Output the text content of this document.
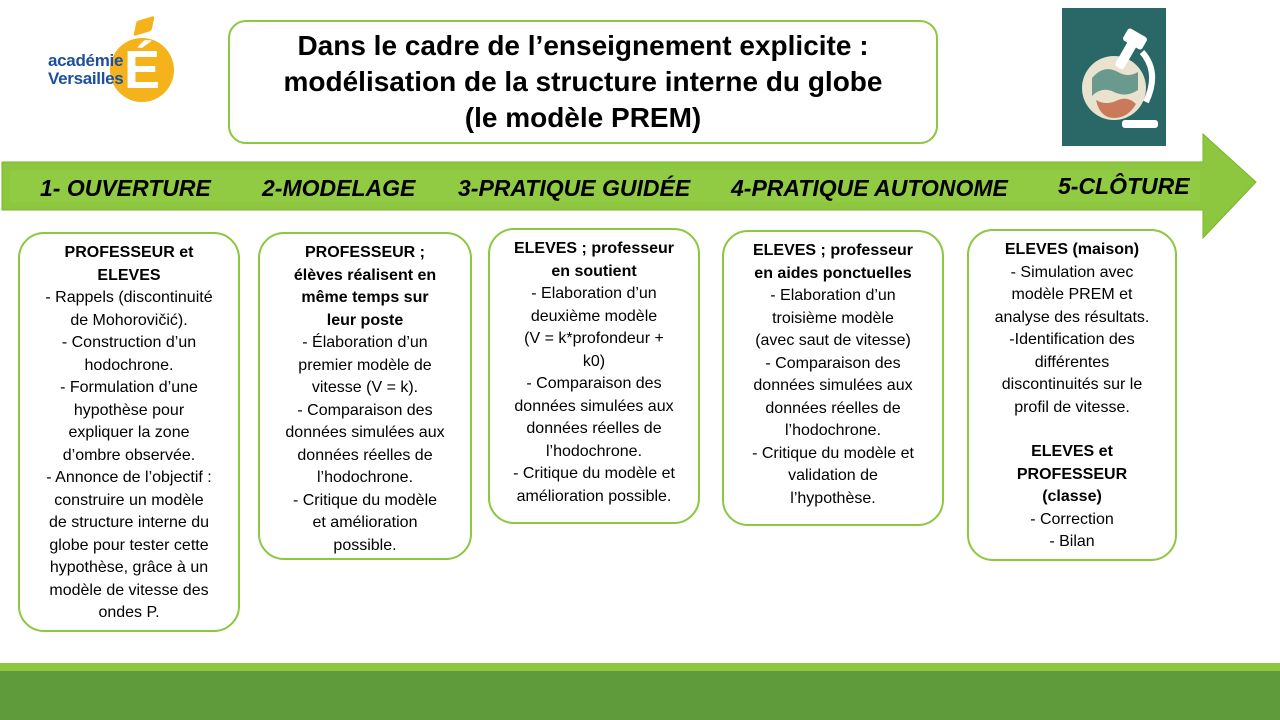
É
académie
Versailles
Dans le cadre de l’enseignement explicite :
modélisation de la structure interne du globe
(le modèle PREM)
1- OUVERTURE 2-MODELAGE 3-PRATIQUE GUIDÉE 4-PRATIQUE AUTONOME 5-CLÔTURE
PROFESSEUR et
ELEVES
- Rappels (discontinuité
de Mohorovičić).
- Construction d’un
hodochrone.
- Formulation d’une
hypothèse pour
expliquer la zone
d’ombre observée.
- Annonce de l’objectif :
construire un modèle
de structure interne du
globe pour tester cette
hypothèse, grâce à un
modèle de vitesse des
ondes P.
PROFESSEUR ;
élèves réalisent en
même temps sur
leur poste
- Élaboration d’un
premier modèle de
vitesse (V = k).
- Comparaison des
données simulées aux
données réelles de
l’hodochrone.
- Critique du modèle
et amélioration
possible.
ELEVES ; professeur
en soutient
- Elaboration d’un
deuxième modèle
(V = k*profondeur +
k0)
- Comparaison des
données simulées aux
données réelles de
l’hodochrone.
- Critique du modèle et
amélioration possible.
ELEVES ; professeur
en aides ponctuelles
- Elaboration d’un
troisième modèle
(avec saut de vitesse)
- Comparaison des
données simulées aux
données réelles de
l’hodochrone.
- Critique du modèle et
validation de
l’hypothèse.
ELEVES (maison)
- Simulation avec
modèle PREM et
analyse des résultats.
-Identification des
différentes
discontinuités sur le
profil de vitesse.
ELEVES et
PROFESSEUR
(classe)
- Correction
- Bilan
